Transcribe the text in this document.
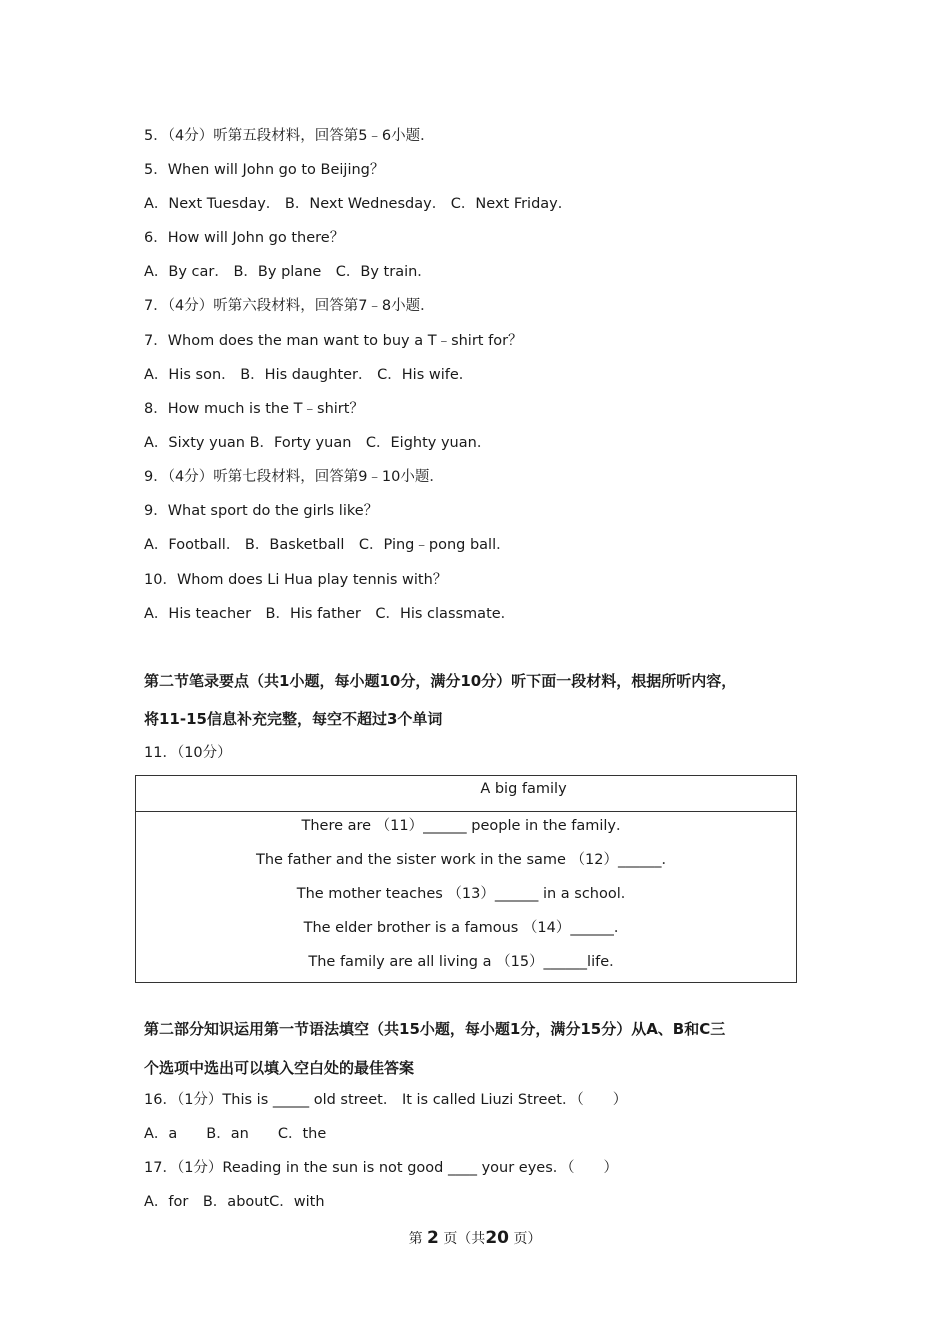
5．（4分）听第五段材料，回答第5﹣6小题．
5．When will John go to Beijing？
A．Next Tuesday． B．Next Wednesday． C．Next Friday．
6．How will John go there？
A．By car． B．By plane　C．By train．
7．（4分）听第六段材料，回答第7﹣8小题．
7．Whom does the man want to buy a T﹣shirt for？
A．His son． B．His daughter． C．His wife．
8．How much is the T﹣shirt？
A．Sixty yuan B．Forty yuan　C．Eighty yuan．
9．（4分）听第七段材料，回答第9﹣10小题．
9．What sport do the girls like？
A．Football． B．Basketball　C．Ping﹣pong ball．
10．Whom does Li Hua play tennis with？
A．His teacher　B．His father　C．His classmate．
第二节笔录要点（共1小题，每小题10分，满分10分）听下面一段材料，根据所听内容，
将11-15信息补充完整，每空不超过3个单词
11．（10分）
A big family
There are （11）______ people in the family．
The father and the sister work in the same （12）______．
The mother teaches （13）______ in a school．
The elder brother is a famous （14）______．
The family are all living a （15）______life．
第二部分知识运用第一节语法填空（共15小题，每小题1分，满分15分）从A、B和C三
个选项中选出可以填入空白处的最佳答案
16．（1分）This is _____ old street． It is called Liuzi Street．（　　）
A．a　　B．an　　C．the
17．（1分）Reading in the sun is not good ____ your eyes．（　　）
A．for　B．aboutC．with
第 2 页（共20 页）
